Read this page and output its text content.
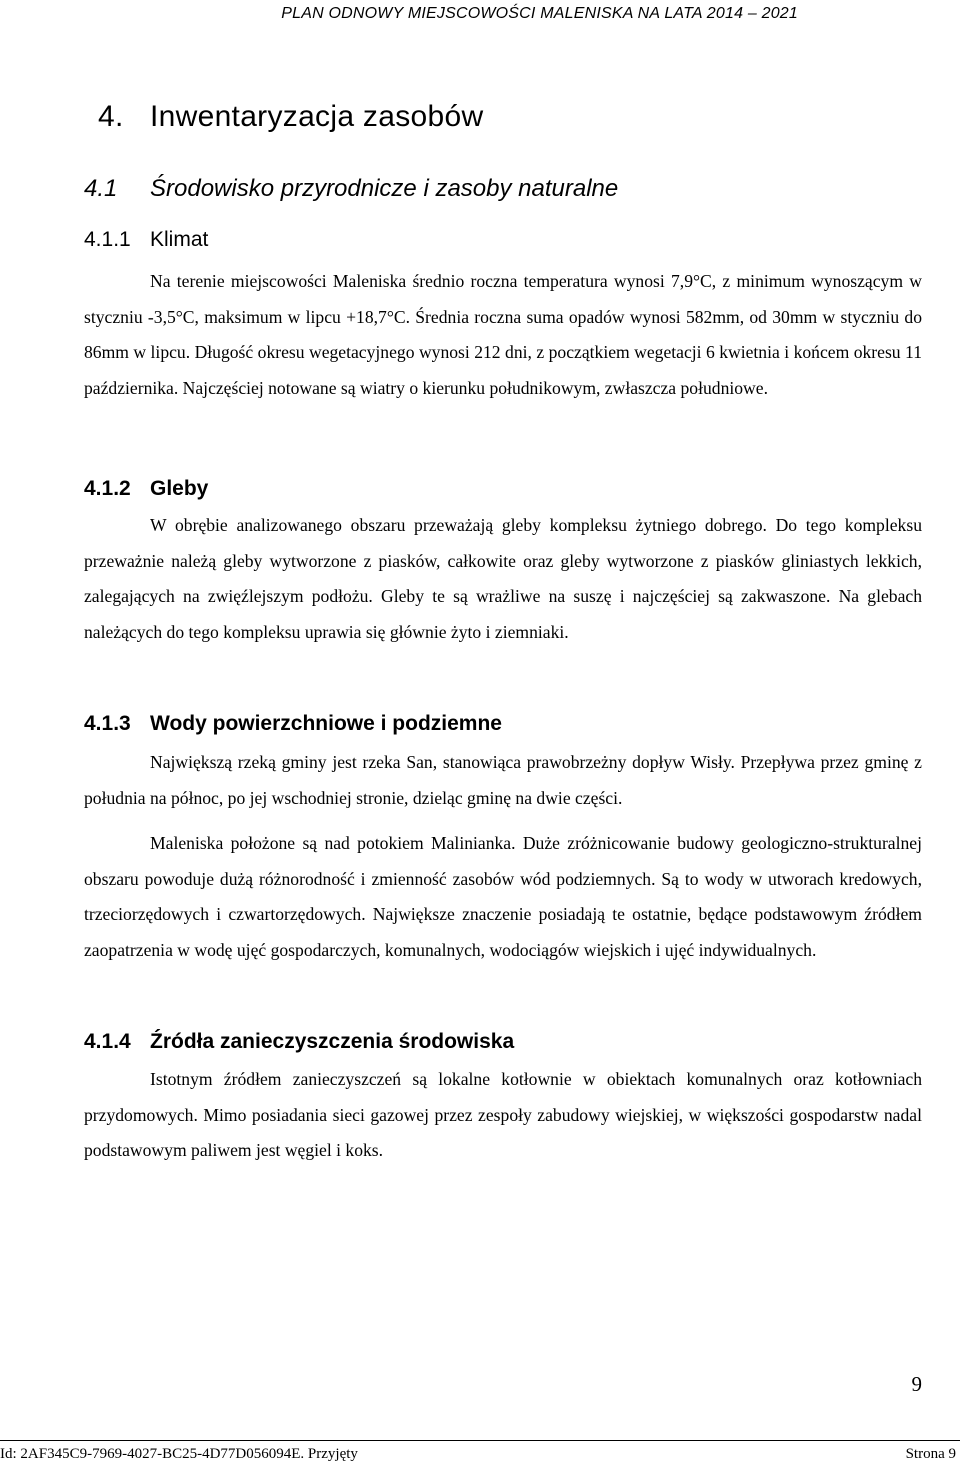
PLAN ODNOWY MIEJSCOWOŚCI MALENISKA NA LATA 2014 – 2021
4. Inwentaryzacja zasobów
4.1 Środowisko przyrodnicze i zasoby naturalne
4.1.1 Klimat

Na terenie miejscowości Maleniska średnio roczna temperatura wynosi 7,9°C, z minimum wynoszącym w styczniu -3,5°C, maksimum w lipcu +18,7°C. Średnia roczna suma opadów wynosi 582mm, od 30mm w styczniu do 86mm w lipcu. Długość okresu wegetacyjnego wynosi 212 dni, z początkiem wegetacji 6 kwietnia i końcem okresu 11 października. Najczęściej notowane są wiatry o kierunku południkowym, zwłaszcza południowe.

4.1.2 Gleby

W obrębie analizowanego obszaru przeważają gleby kompleksu żytniego dobrego. Do tego kompleksu przeważnie należą gleby wytworzone z piasków, całkowite oraz gleby wytworzone z piasków gliniastych lekkich, zalegających na zwięźlejszym podłożu. Gleby te są wrażliwe na suszę i najczęściej są zakwaszone. Na glebach należących do tego kompleksu uprawia się głównie żyto i ziemniaki.

4.1.3 Wody powierzchniowe i podziemne

Największą rzeką gminy jest rzeka San, stanowiąca prawobrzeżny dopływ Wisły. Przepływa przez gminę z południa na północ, po jej wschodniej stronie, dzieląc gminę na dwie części.

Maleniska położone są nad potokiem Malinianka. Duże zróżnicowanie budowy geologiczno-strukturalnej obszaru powoduje dużą różnorodność i zmienność zasobów wód podziemnych. Są to wody w utworach kredowych, trzeciorzędowych i czwartorzędowych. Największe znaczenie posiadają te ostatnie, będące podstawowym źródłem zaopatrzenia w wodę ujęć gospodarczych, komunalnych, wodociągów wiejskich i ujęć indywidualnych.

4.1.4 Źródła zanieczyszczenia środowiska

Istotnym źródłem zanieczyszczeń są lokalne kotłownie w obiektach komunalnych oraz kotłowniach przydomowych. Mimo posiadania sieci gazowej przez zespoły zabudowy wiejskiej, w większości gospodarstw nadal podstawowym paliwem jest węgiel i koks.

9
Id: 2AF345C9-7969-4027-BC25-4D77D056094E. Przyjęty	Strona 9
